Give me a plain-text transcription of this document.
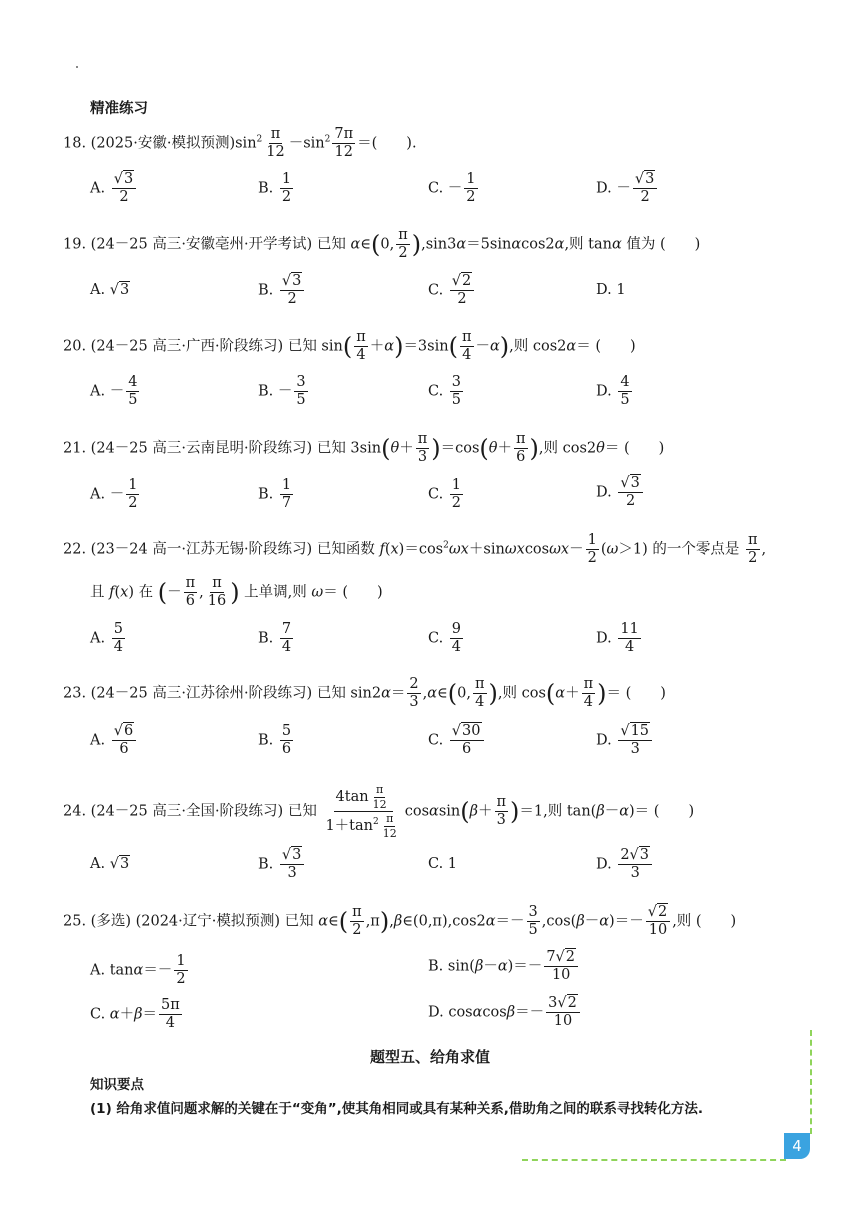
精准练习
18. (2025·安徽·模拟预测)$\sin^2 \frac{\pi}{12} -\sin^2 \frac{7\pi}{12}$ ＝(　　).
A. $\frac{√3}{2}$	B. $\frac{1}{2}$	C. － $\frac{1}{2}$	D. － $\frac{√3}{2}$
19. (24－25 高三·安徽亳州·开学考试) 已知 α∈(0, $\frac{\pi}{2} ),\sin 3\alpha=5\sin\alpha\cos 2\alpha$,则 tanα 值为 (　　)
A. √3	B. $\frac{√3}{2}$	C. $\frac{√2}{2}$	D. 1
20. (24－25 高三·广西·阶段练习) 已知 $\sin( \frac{\pi}{4} +\alpha)=3\sin( \frac{\pi}{4} -\alpha)$,则 cos2α＝ (　　)
A. － $\frac{4}{5}$	B. － $\frac{3}{5}$	C. $\frac{3}{5}$	D. $\frac{4}{5}$
21. (24－25 高三·云南昆明·阶段练习) 已知 $3\sin(\theta+ \frac{\pi}{3} )=\cos(\theta+ \frac{\pi}{6}$ ),则 cos2θ＝ (　　)
A. － $\frac{1}{2}$	B. $\frac{1}{7}$	C. $\frac{1}{2}$	D. $\frac{√3}{2}$
22. (23－24 高一·江苏无锡·阶段练习) 已知函数 $f(x)=\cos^2\omega x+\sin\omega xcos\omega x- \frac{1}{2} (\omega>1)$ 的一个零点是 $\frac{\pi}{2}$ ,
且 f(x) 在 (－ $\frac{\pi}{6}$ , $\frac{\pi}{16}$ ) 上单调,则 ω＝ (　　)
A. $\frac{5}{4}$	B. $\frac{7}{4}$	C. $\frac{9}{4}$	D. $\frac{11}{4}$
23. (24－25 高三·江苏徐州·阶段练习) 已知 $\sin 2\alpha= \frac{2}{3}$ ,α∈(0, $\frac{\pi}{4}$ ),则 $\cos(\alpha+ \frac{\pi}{4}$ )＝ (　　)
A. $\frac{√6}{6}$	B. $\frac{5}{6}$	C. $\frac{√30}{6}$	D. $\frac{√15}{3}$
24. (24－25 高三·全国·阶段练习) 已知 $\frac{4\tan \frac{\pi}{12}}{1+\tan^2 \frac{\pi}{12}} \cos\alpha\sin(\beta+ \frac{\pi}{3} )=1$,则 tan(β－α)＝ (　　)
A. √3	B. $\frac{√3}{3}$	C. 1	D. $\frac{2√3}{3}$
25. (多选) (2024·辽宁·模拟预测) 已知 α∈( $\frac{\pi}{2}$ ,π),β∈(0,π),cos2α＝－ $\frac{3}{5} ,\cos(\beta-\alpha)=- \frac{√2}{10}$ ,则 (　　)
A. $\tan\alpha=- \frac{1}{2}$	B. $\sin(\beta-\alpha)=- \frac{7√2}{10}$
C. $\alpha+\beta= \frac{5\pi}{4}$	D. $\cos\alpha\cos\beta=- \frac{3√2}{10}$
题型五、给角求值
知识要点
(1) 给角求值问题求解的关键在于“变角”,使其角相同或具有某种关系,借助角之间的联系寻找转化方法.
4
